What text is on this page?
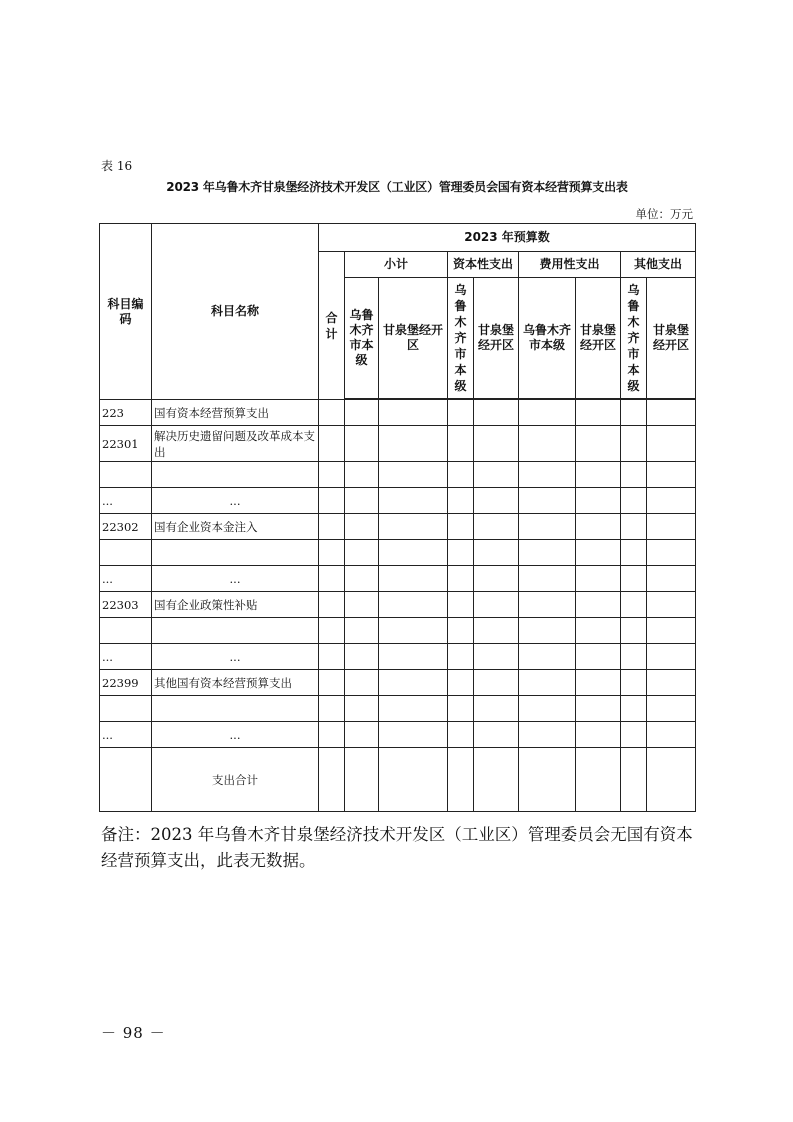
表 16
2023 年乌鲁木齐甘泉堡经济技术开发区（工业区）管理委员会国有资本经营预算支出表
单位：万元
科目编码	科目名称	2023 年预算数								

		合计	小计		资本性支出		费用性支出		其他支出	

			乌鲁木齐市本级	甘泉堡经开区	乌鲁木齐市本级	甘泉堡经开区	乌鲁木齐市本级	甘泉堡经开区	乌鲁木齐市本级	甘泉堡经开区

223	国有资本经营预算支出									
22301	解决历史遗留问题及改革成本支出									

...	...									
22302	国有企业资本金注入									

...	...									
22303	国有企业政策性补贴									

...	...									
22399	其他国有资本经营预算支出									

...	...									
	支出合计									
备注：2023 年乌鲁木齐甘泉堡经济技术开发区（工业区）管理委员会无国有资本经营预算支出，此表无数据。
－ 98 －
